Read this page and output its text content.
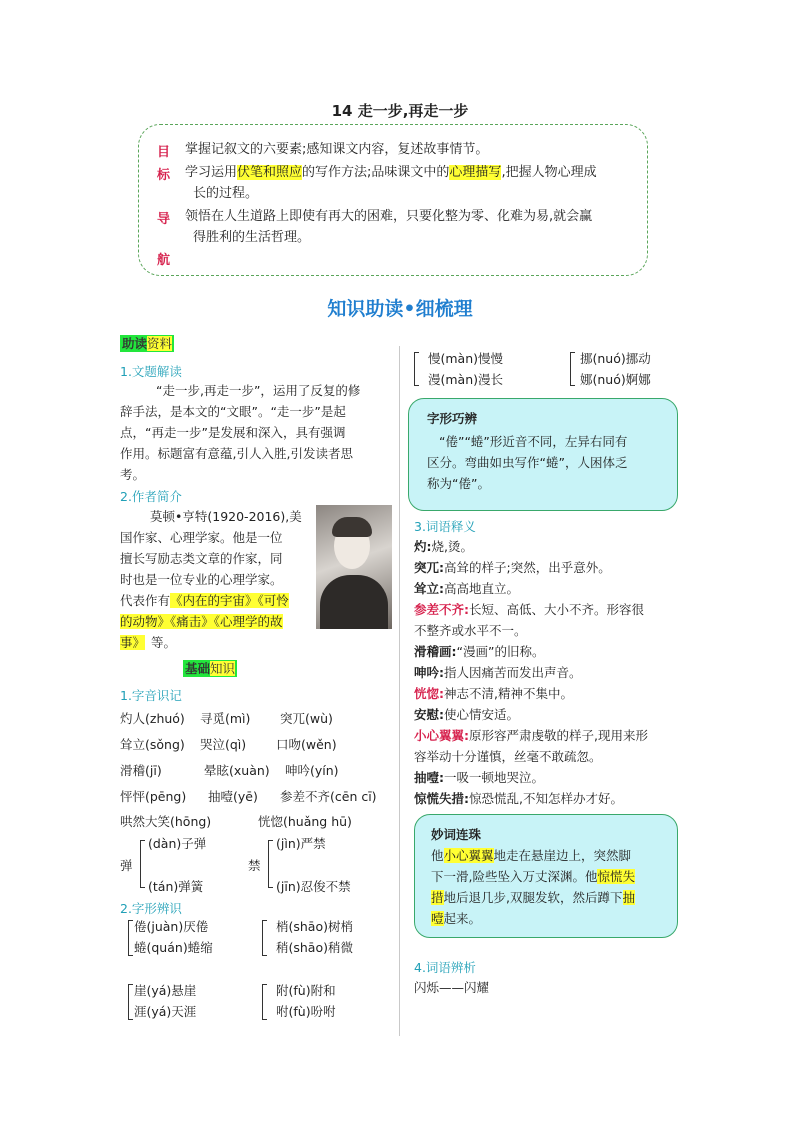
14 走一步,再走一步
目
标
导
航
掌握记叙文的六要素;感知课文内容，复述故事情节。
学习运用伏笔和照应的写作方法;品味课文中的心理描写,把握人物心理成
长的过程。
领悟在人生道路上即使有再大的困难，只要化整为零、化难为易,就会赢
得胜利的生活哲理。
知识助读•细梳理
助读资料
1.文题解读
“走一步,再走一步”，运用了反复的修
辞手法，是本文的“文眼”。“走一步”是起
点，“再走一步”是发展和深入，具有强调
作用。标题富有意蕴,引人入胜,引发读者思
考。
2.作者简介
莫顿•亨特(1920-2016),美
国作家、心理学家。他是一位
擅长写励志类文章的作家，同
时也是一位专业的心理学家。
代表作有《内在的宇宙》《可怜
的动物》《痛击》《心理学的故
事》 等。
基础知识
1.字音识记
灼人(zhuó) 寻觅(mì) 突兀(wù)
耸立(sǒng) 哭泣(qì) 口吻(wěn)
滑稽(jī)	晕眩(xuàn) 呻吟(yín)
怦怦(pēng) 抽噎(yē) 参差不齐(cēn cī)
哄然大笑(hōng)	恍惚(huǎng hū)
弹
(dàn)子弹
(tán)弹簧
禁
(jìn)严禁
(jīn)忍俊不禁
2.字形辨识
倦(juàn)厌倦
蜷(quán)蜷缩
梢(shāo)树梢
稍(shāo)稍微
崖(yá)悬崖
涯(yá)天涯
附(fù)附和
咐(fù)吩咐
慢(màn)慢慢
漫(màn)漫长
挪(nuó)挪动
娜(nuó)婀娜
字形巧辨
“倦”“蜷”形近音不同，左异右同有
区分。弯曲如虫写作“蜷”，人困体乏
称为“倦”。
3.词语释义
灼:烧,烫。
突兀:高耸的样子;突然，出乎意外。
耸立:高高地直立。
参差不齐:长短、高低、大小不齐。形容很
不整齐或水平不一。
滑稽画:“漫画”的旧称。
呻吟:指人因痛苦而发出声音。
恍惚:神志不清,精神不集中。
安慰:使心情安适。
小心翼翼:原形容严肃虔敬的样子,现用来形
容举动十分谨慎，丝毫不敢疏忽。
抽噎:一吸一顿地哭泣。
惊慌失措:惊恐慌乱,不知怎样办才好。
妙词连珠
他小心翼翼地走在悬崖边上，突然脚
下一滑,险些坠入万丈深渊。他惊慌失
措地后退几步,双腿发软，然后蹲下抽
噎起来。
4.词语辨析
闪烁——闪耀
